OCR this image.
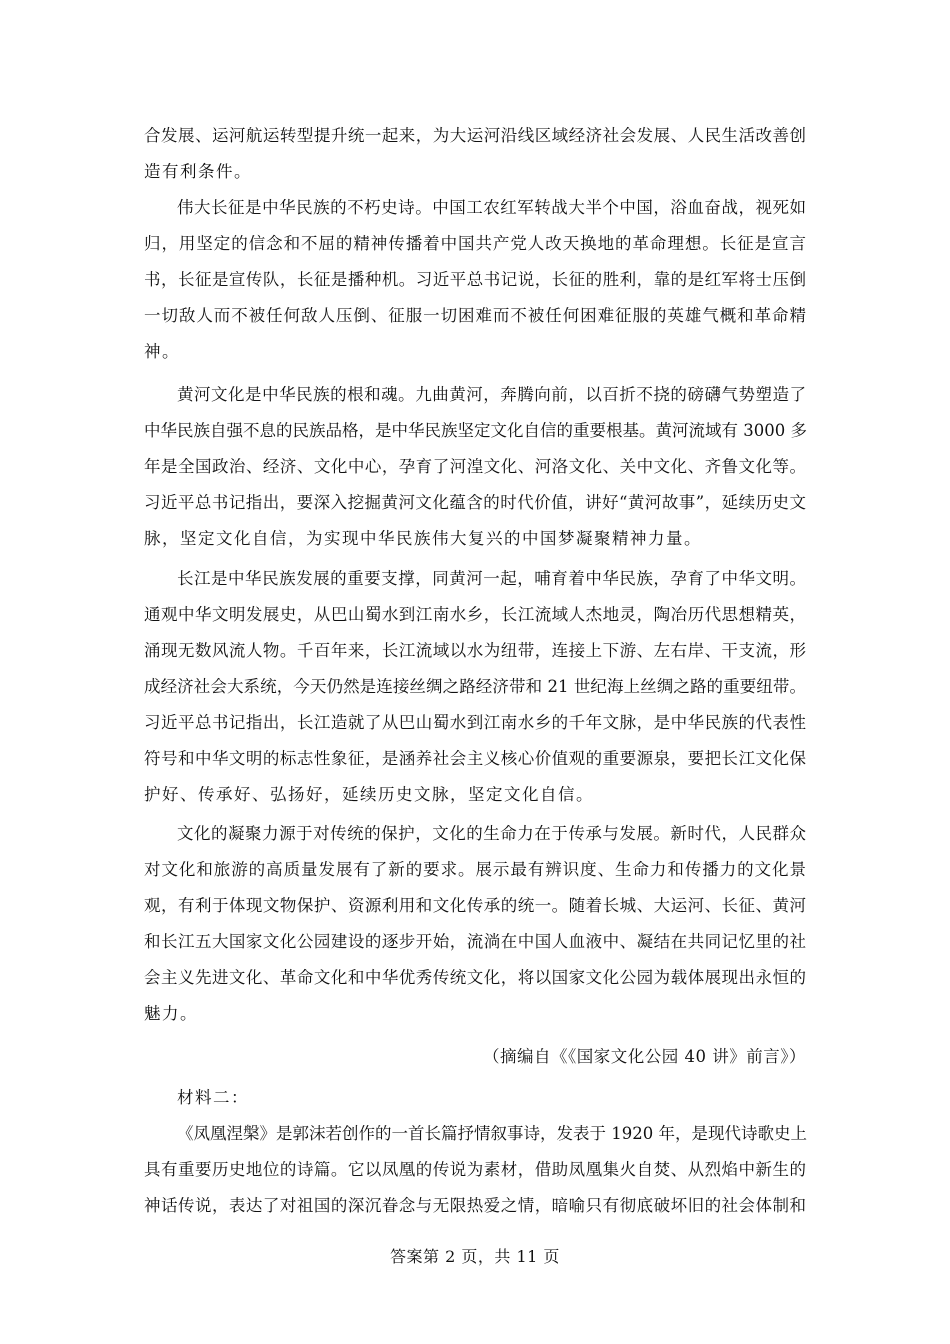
合发展、运河航运转型提升统一起来，为大运河沿线区域经济社会发展、人民生活改善创
造有利条件。
伟大长征是中华民族的不朽史诗。中国工农红军转战大半个中国，浴血奋战，视死如
归，用坚定的信念和不屈的精神传播着中国共产党人改天换地的革命理想。长征是宣言
书，长征是宣传队，长征是播种机。习近平总书记说，长征的胜利，靠的是红军将士压倒
一切敌人而不被任何敌人压倒、征服一切困难而不被任何困难征服的英雄气概和革命精
神。
黄河文化是中华民族的根和魂。九曲黄河，奔腾向前，以百折不挠的磅礴气势塑造了
中华民族自强不息的民族品格，是中华民族坚定文化自信的重要根基。黄河流域有 3000 多
年是全国政治、经济、文化中心，孕育了河湟文化、河洛文化、关中文化、齐鲁文化等。
习近平总书记指出，要深入挖掘黄河文化蕴含的时代价值，讲好“黄河故事”，延续历史文
脉，坚定文化自信，为实现中华民族伟大复兴的中国梦凝聚精神力量。
长江是中华民族发展的重要支撑，同黄河一起，哺育着中华民族，孕育了中华文明。
通观中华文明发展史，从巴山蜀水到江南水乡，长江流域人杰地灵，陶冶历代思想精英，
涌现无数风流人物。千百年来，长江流域以水为纽带，连接上下游、左右岸、干支流，形
成经济社会大系统，今天仍然是连接丝绸之路经济带和 21 世纪海上丝绸之路的重要纽带。
习近平总书记指出，长江造就了从巴山蜀水到江南水乡的千年文脉，是中华民族的代表性
符号和中华文明的标志性象征，是涵养社会主义核心价值观的重要源泉，要把长江文化保
护好、传承好、弘扬好，延续历史文脉，坚定文化自信。
文化的凝聚力源于对传统的保护，文化的生命力在于传承与发展。新时代，人民群众
对文化和旅游的高质量发展有了新的要求。展示最有辨识度、生命力和传播力的文化景
观，有利于体现文物保护、资源利用和文化传承的统一。随着长城、大运河、长征、黄河
和长江五大国家文化公园建设的逐步开始，流淌在中国人血液中、凝结在共同记忆里的社
会主义先进文化、革命文化和中华优秀传统文化，将以国家文化公园为载体展现出永恒的
魅力。
（摘编自《《国家文化公园 40 讲》前言》）
材料二：
《凤凰涅槃》是郭沫若创作的一首长篇抒情叙事诗，发表于 1920 年，是现代诗歌史上
具有重要历史地位的诗篇。它以凤凰的传说为素材，借助凤凰集火自焚、从烈焰中新生的
神话传说，表达了对祖国的深沉眷念与无限热爱之情，暗喻只有彻底破坏旧的社会体制和
答案第 2 页，共 11 页
